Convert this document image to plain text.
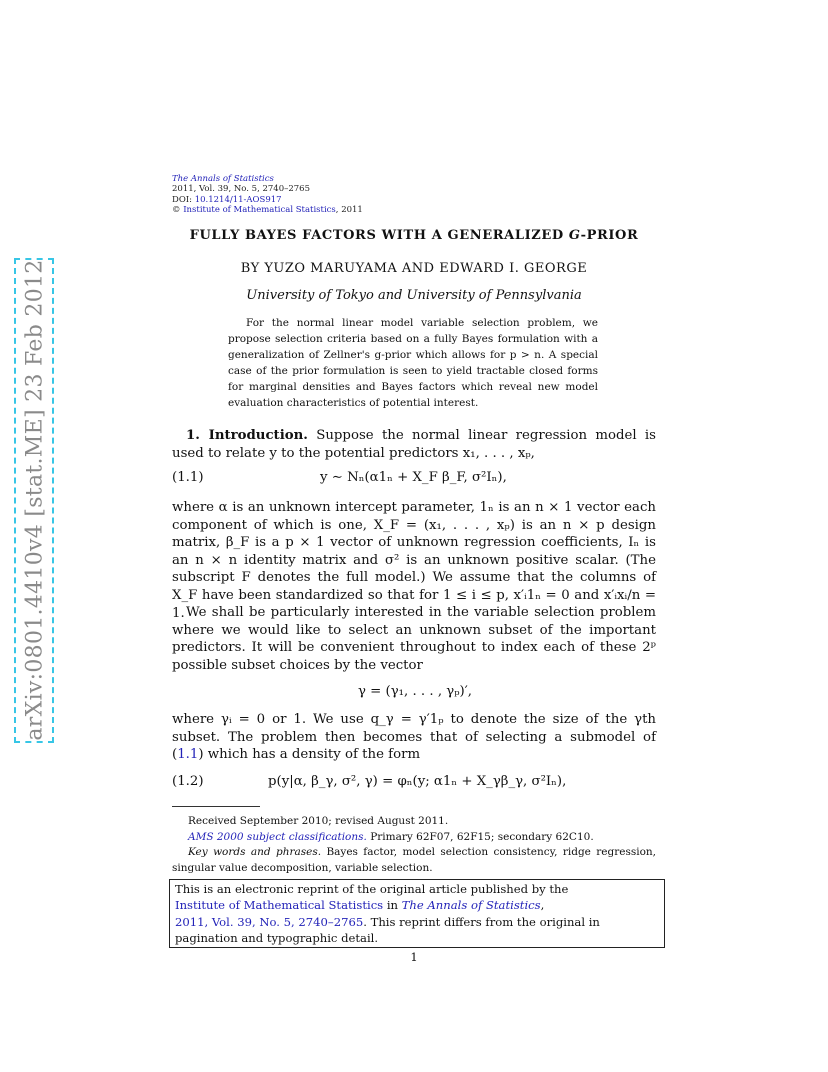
arXiv:0801.4410v4 [stat.ME] 23 Feb 2012
The Annals of Statistics
2011, Vol. 39, No. 5, 2740–2765
DOI: 10.1214/11-AOS917
© Institute of Mathematical Statistics, 2011
FULLY BAYES FACTORS WITH A GENERALIZED G-PRIOR
BY YUZO MARUYAMA AND EDWARD I. GEORGE
University of Tokyo and University of Pennsylvania
For the normal linear model variable selection problem, we propose selection criteria based on a fully Bayes formulation with a generalization of Zellner's g-prior which allows for p > n. A special case of the prior formulation is seen to yield tractable closed forms for marginal densities and Bayes factors which reveal new model evaluation characteristics of potential interest.
1. Introduction. Suppose the normal linear regression model is used to relate y to the potential predictors x₁, . . . , xₚ,
(1.1)	y ∼ Nₙ(α1ₙ + X_F β_F, σ²Iₙ),
where α is an unknown intercept parameter, 1ₙ is an n × 1 vector each component of which is one, X_F = (x₁, . . . , xₚ) is an n × p design matrix, β_F is a p × 1 vector of unknown regression coefficients, Iₙ is an n × n identity matrix and σ² is an unknown positive scalar. (The subscript F denotes the full model.) We assume that the columns of X_F have been standardized so that for 1 ≤ i ≤ p, x′ᵢ1ₙ = 0 and x′ᵢxᵢ/n = 1. We shall be particularly interested in the variable selection problem where we would like to select an unknown subset of the important predictors. It will be convenient throughout to index each of these 2ᵖ possible subset choices by the vector
γ = (γ₁, . . . , γₚ)′,
where γᵢ = 0 or 1. We use q_γ = γ′1ₚ to denote the size of the γth subset. The problem then becomes that of selecting a submodel of (1.1) which has a density of the form
(1.2)	p(y|α, β_γ, σ², γ) = φₙ(y; α1ₙ + X_γβ_γ, σ²Iₙ),
Received September 2010; revised August 2011.
AMS 2000 subject classifications. Primary 62F07, 62F15; secondary 62C10.
Key words and phrases. Bayes factor, model selection consistency, ridge regression, singular value decomposition, variable selection.
This is an electronic reprint of the original article published by the
Institute of Mathematical Statistics in The Annals of Statistics,
2011, Vol. 39, No. 5, 2740–2765. This reprint differs from the original in pagination and typographic detail.
1
